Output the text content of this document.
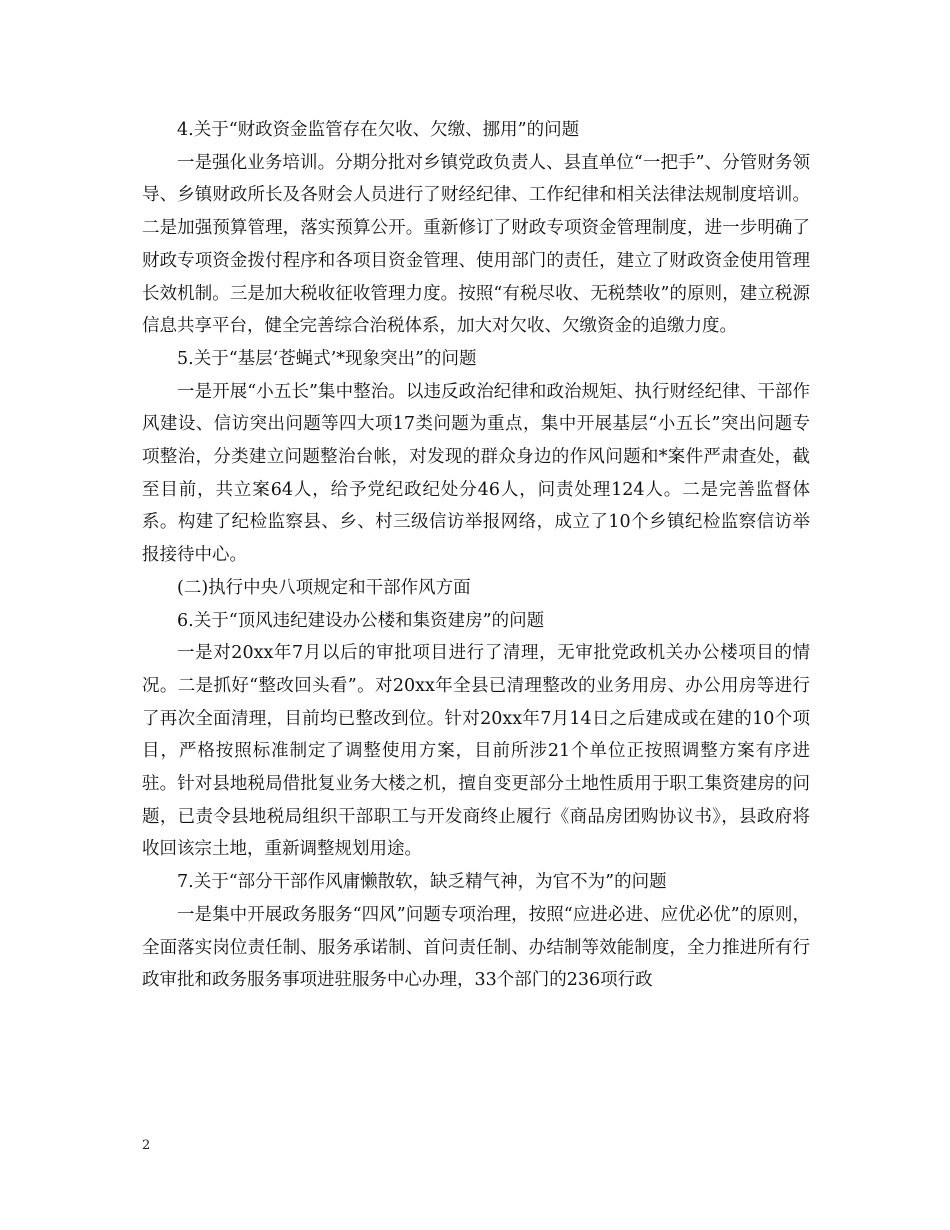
4.关于“财政资金监管存在欠收、欠缴、挪用”的问题

一是强化业务培训。分期分批对乡镇党政负责人、县直单位“一把手”、分管财务领导、乡镇财政所长及各财会人员进行了财经纪律、工作纪律和相关法律法规制度培训。二是加强预算管理，落实预算公开。重新修订了财政专项资金管理制度，进一步明确了财政专项资金拨付程序和各项目资金管理、使用部门的责任，建立了财政资金使用管理长效机制。三是加大税收征收管理力度。按照“有税尽收、无税禁收”的原则，建立税源信息共享平台，健全完善综合治税体系，加大对欠收、欠缴资金的追缴力度。

5.关于“基层‘苍蝇式’*现象突出”的问题

一是开展“小五长”集中整治。以违反政治纪律和政治规矩、执行财经纪律、干部作风建设、信访突出问题等四大项17类问题为重点，集中开展基层“小五长”突出问题专项整治，分类建立问题整治台帐，对发现的群众身边的作风问题和*案件严肃查处，截至目前，共立案64人，给予党纪政纪处分46人，问责处理124人。二是完善监督体系。构建了纪检监察县、乡、村三级信访举报网络，成立了10个乡镇纪检监察信访举报接待中心。

(二)执行中央八项规定和干部作风方面

6.关于“顶风违纪建设办公楼和集资建房”的问题

一是对20xx年7月以后的审批项目进行了清理，无审批党政机关办公楼项目的情况。二是抓好“整改回头看”。对20xx年全县已清理整改的业务用房、办公用房等进行了再次全面清理，目前均已整改到位。针对20xx年7月14日之后建成或在建的10个项目，严格按照标准制定了调整使用方案，目前所涉21个单位正按照调整方案有序进驻。针对县地税局借批复业务大楼之机，擅自变更部分土地性质用于职工集资建房的问题，已责令县地税局组织干部职工与开发商终止履行《商品房团购协议书》，县政府将收回该宗土地，重新调整规划用途。

7.关于“部分干部作风庸懒散软，缺乏精气神，为官不为”的问题

一是集中开展政务服务“四风”问题专项治理，按照“应进必进、应优必优”的原则，全面落实岗位责任制、服务承诺制、首问责任制、办结制等效能制度，全力推进所有行政审批和政务服务事项进驻服务中心办理，33个部门的236项行政

2
